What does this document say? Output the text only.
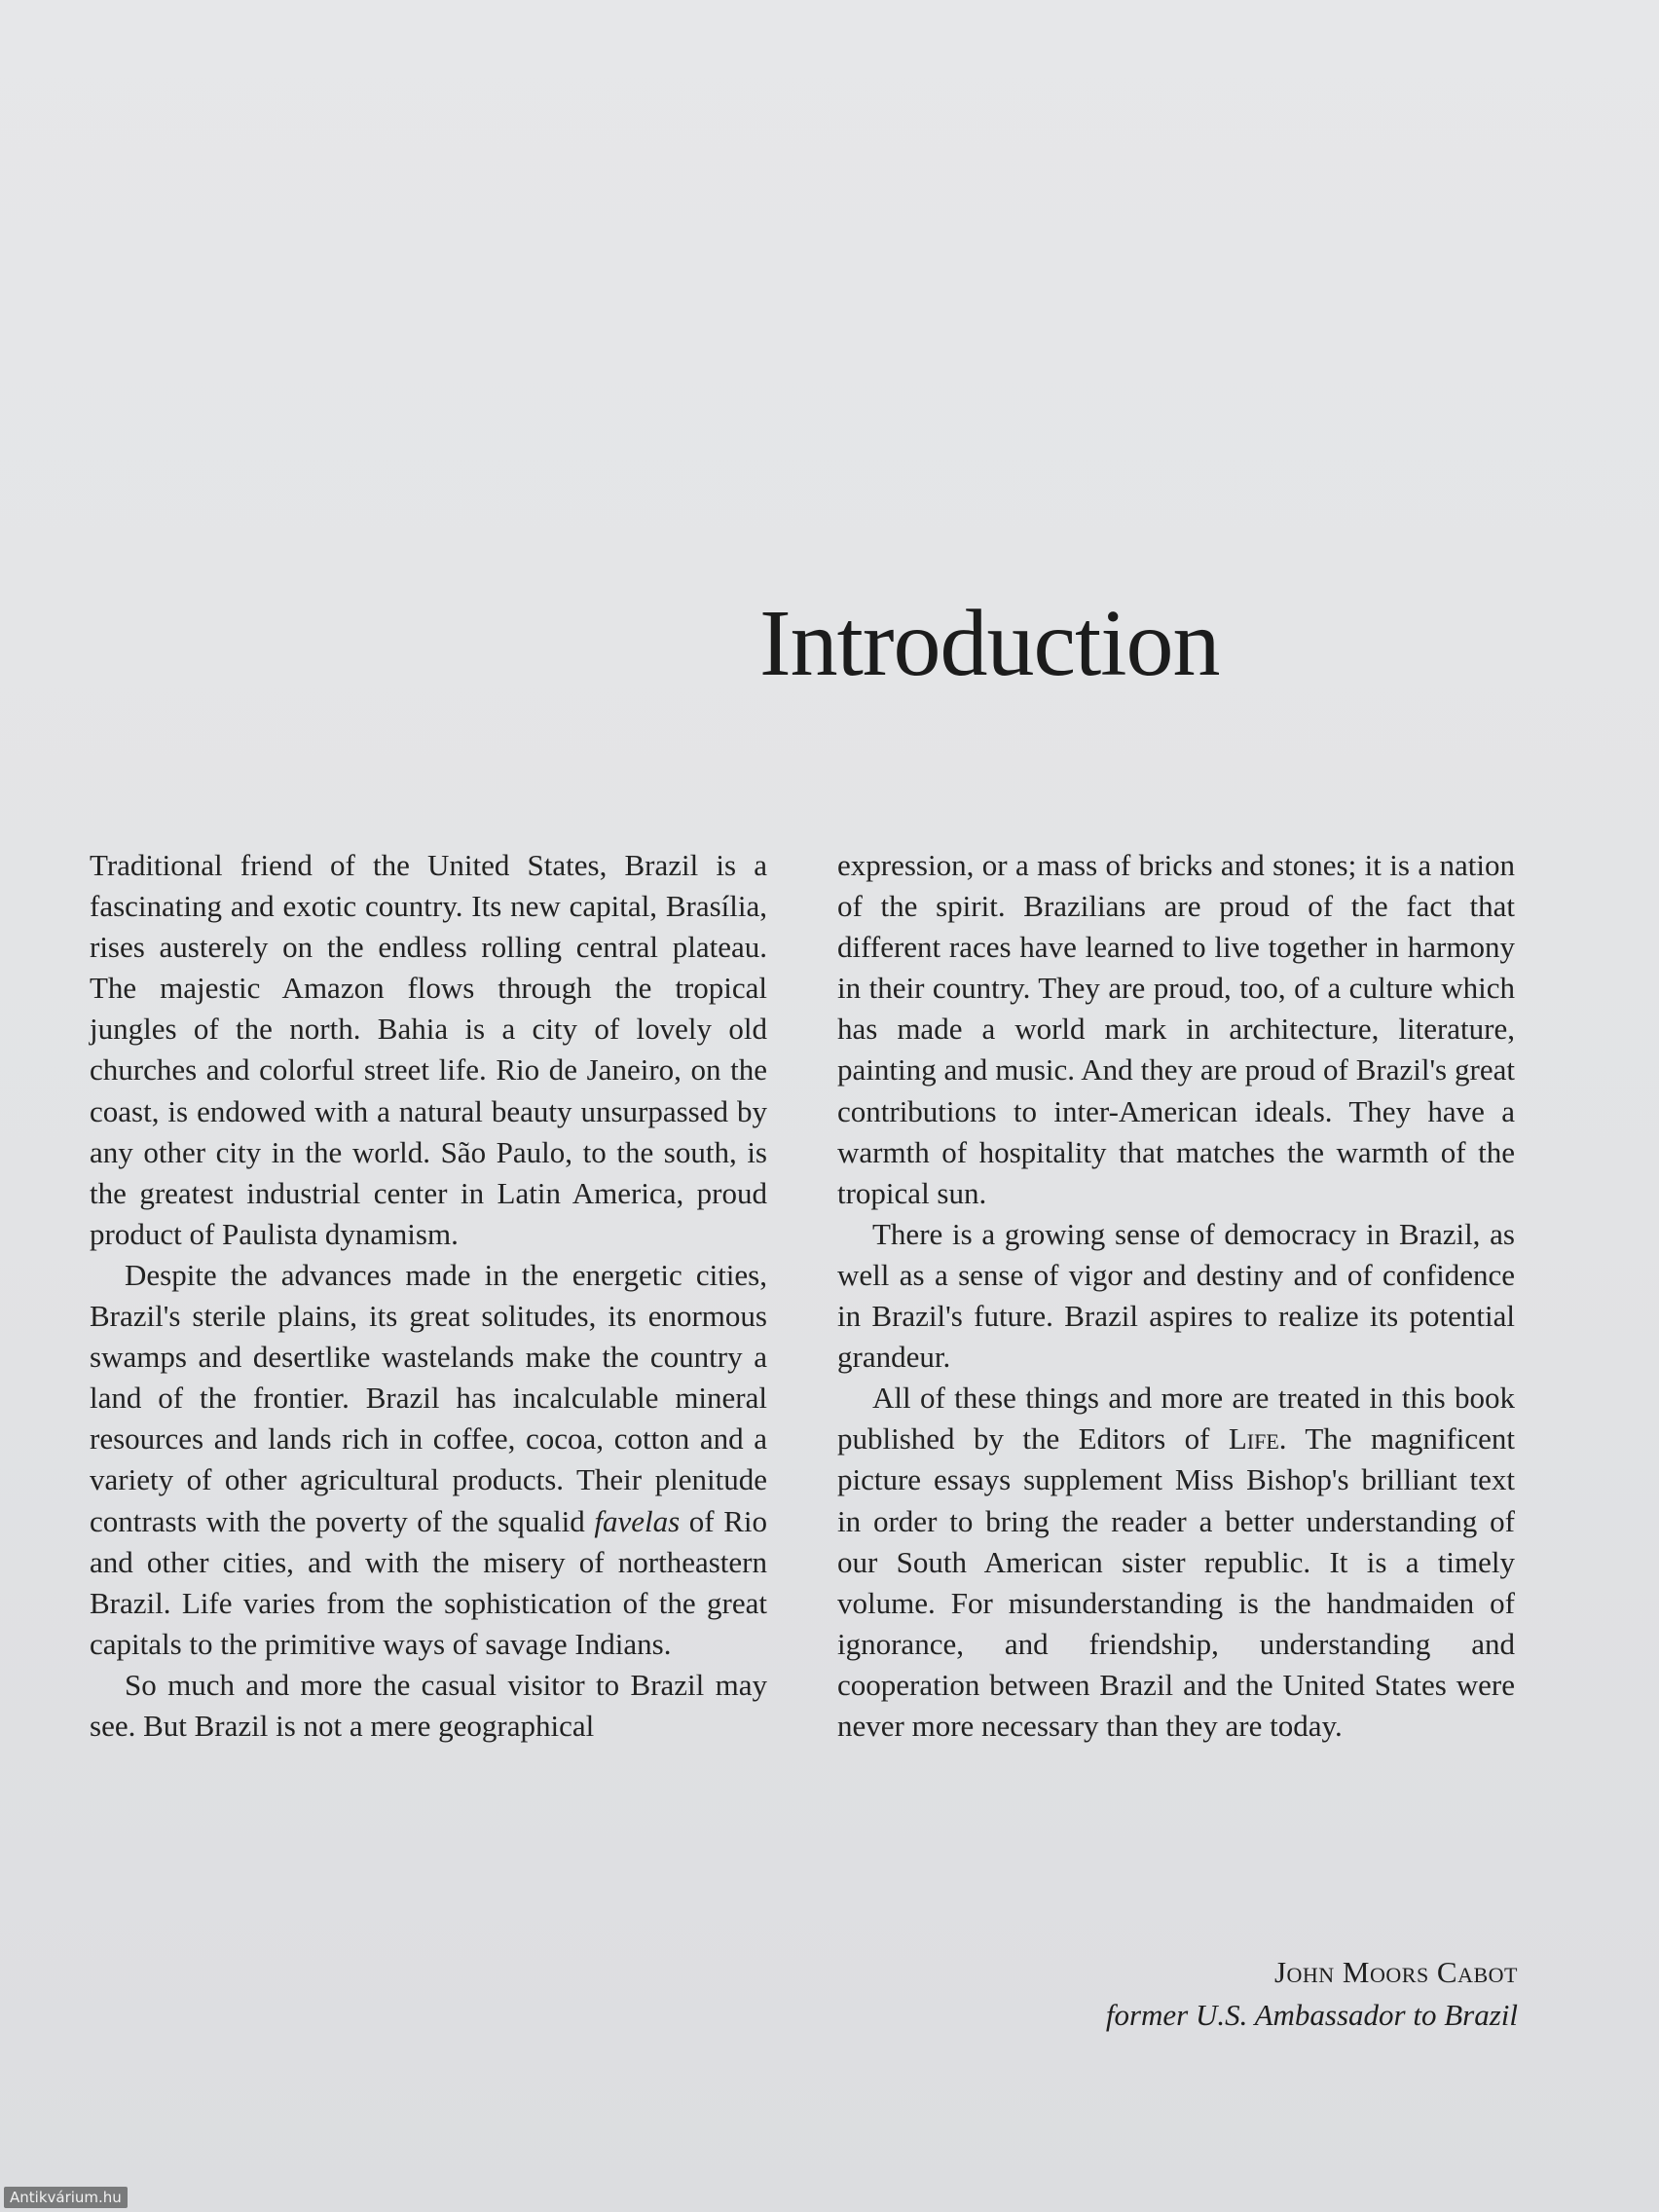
Introduction

Traditional friend of the United States, Brazil is a fascinating and exotic country. Its new capital, Brasília, rises austerely on the endless rolling central plateau. The majestic Amazon flows through the tropical jungles of the north. Bahia is a city of lovely old churches and colorful street life. Rio de Janeiro, on the coast, is endowed with a natural beauty unsurpassed by any other city in the world. São Paulo, to the south, is the greatest industrial center in Latin America, proud product of Paulista dynamism.

Despite the advances made in the energetic cities, Brazil's sterile plains, its great solitudes, its enormous swamps and desertlike wastelands make the country a land of the frontier. Brazil has incalculable mineral resources and lands rich in coffee, cocoa, cotton and a variety of other agricultural products. Their plenitude contrasts with the poverty of the squalid favelas of Rio and other cities, and with the misery of northeastern Brazil. Life varies from the sophistication of the great capitals to the primitive ways of savage Indians.

So much and more the casual visitor to Brazil may see. But Brazil is not a mere geographical

expression, or a mass of bricks and stones; it is a nation of the spirit. Brazilians are proud of the fact that different races have learned to live together in harmony in their country. They are proud, too, of a culture which has made a world mark in architecture, literature, painting and music. And they are proud of Brazil's great contributions to inter-American ideals. They have a warmth of hospitality that matches the warmth of the tropical sun.

There is a growing sense of democracy in Brazil, as well as a sense of vigor and destiny and of confidence in Brazil's future. Brazil aspires to realize its potential grandeur.

All of these things and more are treated in this book published by the Editors of Life. The magnificent picture essays supplement Miss Bishop's brilliant text in order to bring the reader a better understanding of our South American sister republic. It is a timely volume. For misunderstanding is the handmaiden of ignorance, and friendship, understanding and cooperation between Brazil and the United States were never more necessary than they are today.

John Moors Cabot
former U.S. Ambassador to Brazil
Antikvárium.hu
